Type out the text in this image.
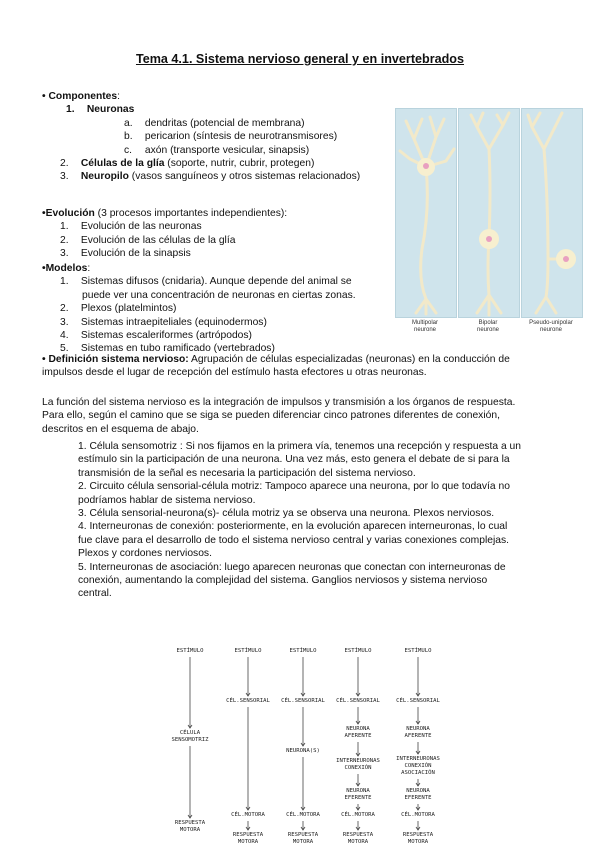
Tema 4.1. Sistema nervioso general y en invertebrados
• Componentes:
1. Neuronas
a. dendritas (potencial de membrana)
b. pericarion (síntesis de neurotransmisores)
c. axón (transporte vesicular, sinapsis)
2. Células de la glía (soporte, nutrir, cubrir, protegen)
3. Neuropilo (vasos sanguíneos y otros sistemas relacionados)
•Evolución (3 procesos importantes independientes):
1. Evolución de las neuronas
2. Evolución de las células de la glía
3. Evolución de la sinapsis
•Modelos:
1. Sistemas difusos (cnidaria). Aunque depende del animal se
puede ver una concentración de neuronas en ciertas zonas.
2. Plexos (platelmintos)
3. Sistemas intraepiteliales (equinodermos)
4. Sistemas escaleriformes (artrópodos)
5. Sistemas en tubo ramificado (vertebrados)
Multipolar
neurone
Bipolar
neurone
Pseudo-unipolar
neurone
• Definición sistema nervioso: Agrupación de células especializadas (neuronas) en la conducción de
impulsos desde el lugar de recepción del estímulo hasta efectores u otras neuronas.
La función del sistema nervioso es la integración de impulsos y transmisión a los órganos de respuesta.
Para ello, según el camino que se siga se pueden diferenciar cinco patrones diferentes de conexión,
descritos en el esquema de abajo.
1. Célula sensomotriz : Si nos fijamos en la primera vía, tenemos una recepción y respuesta a un
estímulo sin la participación de una neurona. Una vez más, esto genera el debate de si para la
transmisión de la señal es necesaria la participación del sistema nervioso.
2. Circuito célula sensorial-célula motriz: Tampoco aparece una neurona, por lo que todavía no
podríamos hablar de sistema nervioso.
3. Célula sensorial-neurona(s)- célula motriz ya se observa una neurona. Plexos nerviosos.
4. Interneuronas de conexión: posteriormente, en la evolución aparecen interneuronas, lo cual
fue clave para el desarrollo de todo el sistema nervioso central y varias conexiones complejas.
Plexos y cordones nerviosos.
5. Interneuronas de asociación: luego aparecen neuronas que conectan con interneuronas de
conexión, aumentando la complejidad del sistema. Ganglios nerviosos y sistema nervioso
central.
ESTÍMULO
CÉLULA
SENSOMOTRIZ
RESPUESTA
MOTORA
ESTÍMULO
CÉL.SENSORIAL
CÉL.MOTORA
RESPUESTA
MOTORA
ESTÍMULO
CÉL.SENSORIAL
NEURONA(S)
CÉL.MOTORA
RESPUESTA
MOTORA
ESTÍMULO
CÉL.SENSORIAL
NEURONA
AFERENTE
INTERNEURONAS
CONEXIÓN
NEURONA
EFERENTE
CÉL.MOTORA
RESPUESTA
MOTORA
ESTÍMULO
CÉL.SENSORIAL
NEURONA
AFERENTE
INTERNEURONAS
CONEXIÓN
ASOCIACIÓN
NEURONA
EFERENTE
CÉL.MOTORA
RESPUESTA
MOTORA
